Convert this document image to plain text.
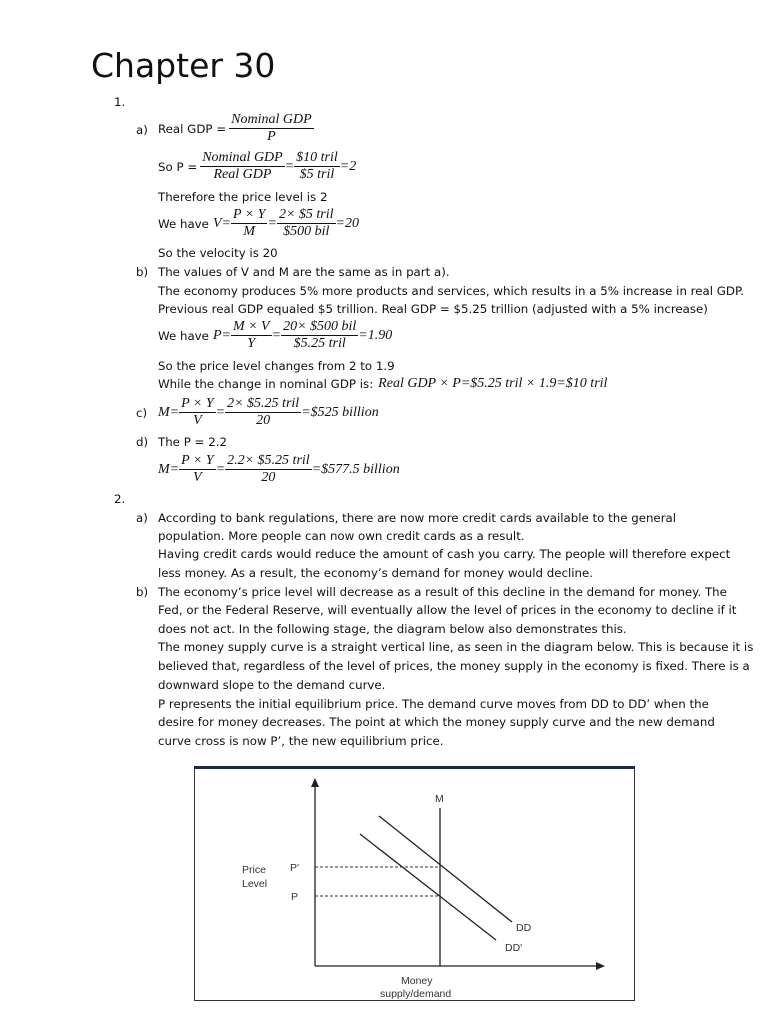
Chapter 30
1.
a) Real GDP = $\frac{\text{Nominal GDP}}{P}$
So $P = \frac{\text{Nominal GDP}}{\text{Real GDP}} = \frac{\text{\$10 tril}}{\text{\$5 tril}} =2$
Therefore the price level is 2
We have $V= \frac{P \times Y}{M} = \frac{\text{2× \$5 tril}}{\text{\$500 bil}} =20$
So the velocity is 20
b) The values of V and M are the same as in part a).
The economy produces 5% more products and services, which results in a 5% increase in real GDP.
Previous real GDP equaled $5 trillion. Real GDP = $5.25 trillion (adjusted with a 5% increase)
We have $P= \frac{M \times V}{Y} = \frac{\text{20× \$500 bil}}{\text{\$5.25 tril}} =1.90$
So the price level changes from 2 to 1.9
While the change in nominal GDP is: Real GDP × P=$5.25 tril × 1.9=$10 tril
c) $M= \frac{P \times Y}{V} = \frac{\text{2× \$5.25 tril}}{20}$ =$525 billion
d) The P = 2.2
$M= \frac{P \times Y}{V} = \frac{\text{2.2× \$5.25 tril}}{20}$ =$577.5 billion
2.
a) According to bank regulations, there are now more credit cards available to the general
population. More people can now own credit cards as a result.
Having credit cards would reduce the amount of cash you carry. The people will therefore expect
less money. As a result, the economy’s demand for money would decline.
b) The economy’s price level will decrease as a result of this decline in the demand for money. The
Fed, or the Federal Reserve, will eventually allow the level of prices in the economy to decline if it
does not act. In the following stage, the diagram below also demonstrates this.
The money supply curve is a straight vertical line, as seen in the diagram below. This is because it is
believed that, regardless of the level of prices, the money supply in the economy is fixed. There is a
downward slope to the demand curve.
P represents the initial equilibrium price. The demand curve moves from DD to DD’ when the
desire for money decreases. The point at which the money supply curve and the new demand
curve cross is now P’, the new equilibrium price.
M
Price
Level
P'
P
DD
DD'
Money
supply/demand
